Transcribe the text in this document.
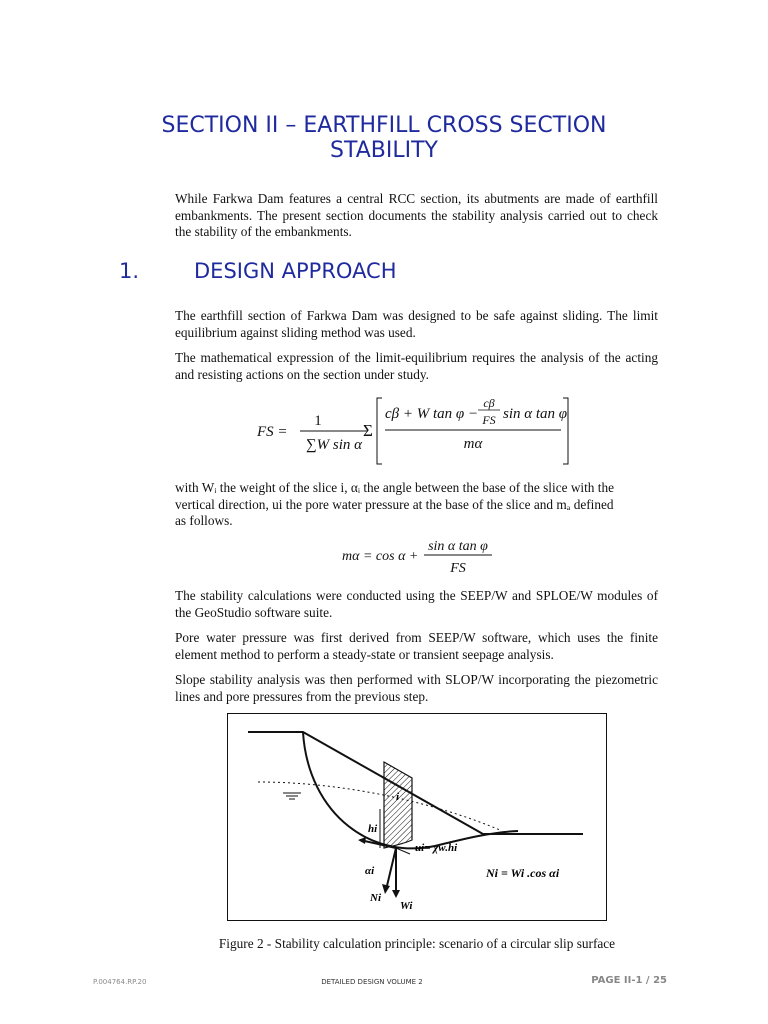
SECTION II – EARTHFILL CROSS SECTION
STABILITY
While Farkwa Dam features a central RCC section, its abutments are made of earthfill embankments. The present section documents the stability analysis carried out to check the stability of the embankments.
1.	DESIGN APPROACH
The earthfill section of Farkwa Dam was designed to be safe against sliding. The limit equilibrium against sliding method was used.
The mathematical expression of the limit-equilibrium requires the analysis of the acting and resisting actions on the section under study.
FS =
1
∑W sin α
Σ
cβ + W tan φ −
cβ
FS sin α tan φ
mα
with Wᵢ the weight of the slice i, αᵢ the angle between the base of the slice with the
vertical direction, ui the pore water pressure at the base of the slice and mₐ defined
as follows.
mα = cos α +
sin α tan φ
FS
The stability calculations were conducted using the SEEP/W and SPLOE/W modules of the GeoStudio software suite.
Pore water pressure was first derived from SEEP/W software, which uses the finite element method to perform a steady-state or transient seepage analysis.
Slope stability analysis was then performed with SLOP/W incorporating the piezometric lines and pore pressures from the previous step.
i
hi
ui= χw.hi
αi
Ni
Wi
Ni = Wi .cos αi
Figure 2 - Stability calculation principle: scenario of a circular slip surface
P.004764.RP.20	DETAILED DESIGN VOLUME 2	PAGE II-1 / 25
